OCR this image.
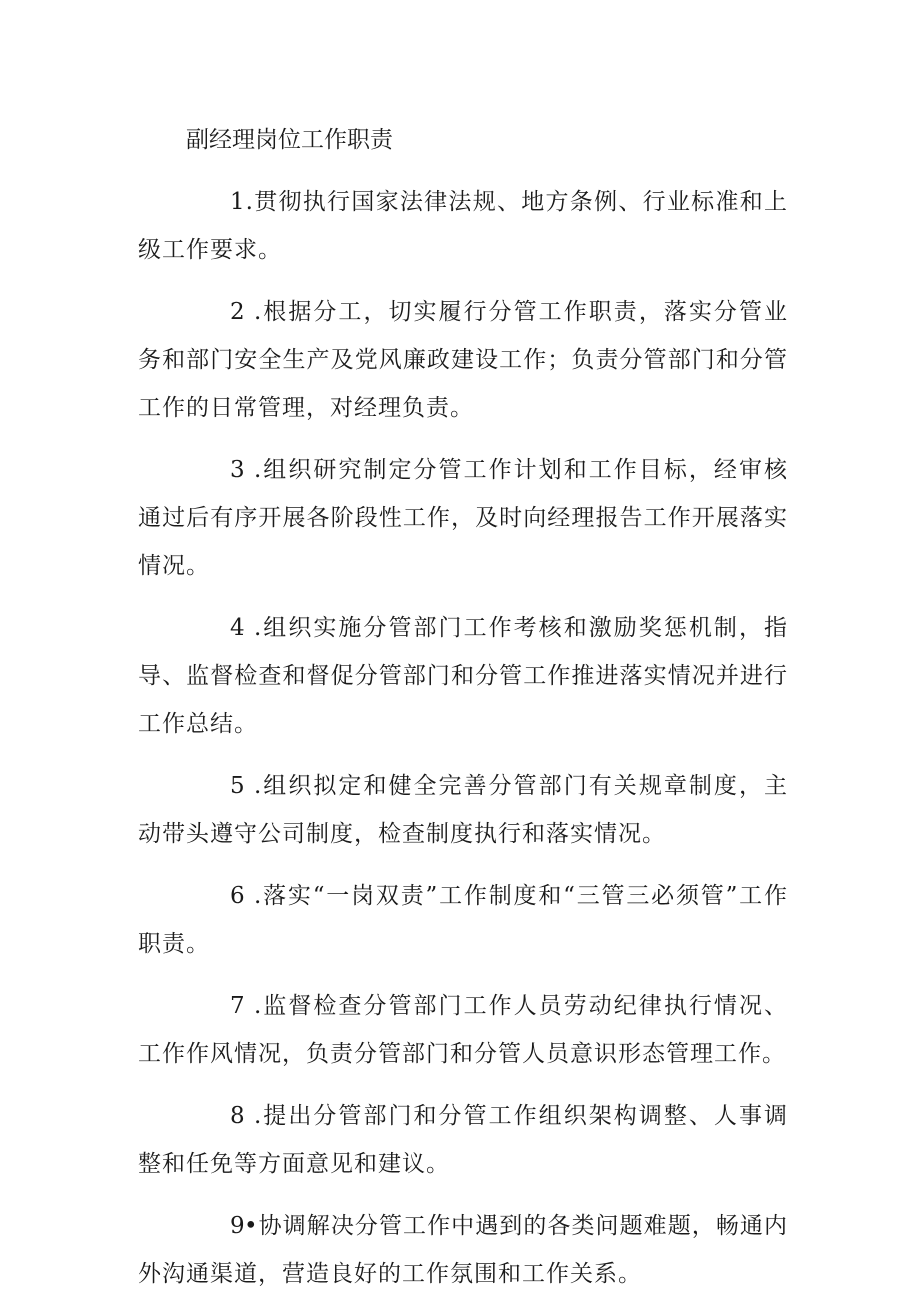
副经理岗位工作职责

1.贯彻执行国家法律法规、地方条例、行业标准和上级工作要求。

2 .根据分工，切实履行分管工作职责，落实分管业务和部门安全生产及党风廉政建设工作；负责分管部门和分管工作的日常管理，对经理负责。

3 .组织研究制定分管工作计划和工作目标，经审核通过后有序开展各阶段性工作，及时向经理报告工作开展落实情况。

4 .组织实施分管部门工作考核和激励奖惩机制，指导、监督检查和督促分管部门和分管工作推进落实情况并进行工作总结。

5 .组织拟定和健全完善分管部门有关规章制度，主动带头遵守公司制度，检查制度执行和落实情况。

6 .落实“一岗双责”工作制度和“三管三必须管”工作职责。

7 .监督检查分管部门工作人员劳动纪律执行情况、工作作风情况，负责分管部门和分管人员意识形态管理工作。

8 .提出分管部门和分管工作组织架构调整、人事调整和任免等方面意见和建议。

9•协调解决分管工作中遇到的各类问题难题，畅通内外沟通渠道，营造良好的工作氛围和工作关系。
